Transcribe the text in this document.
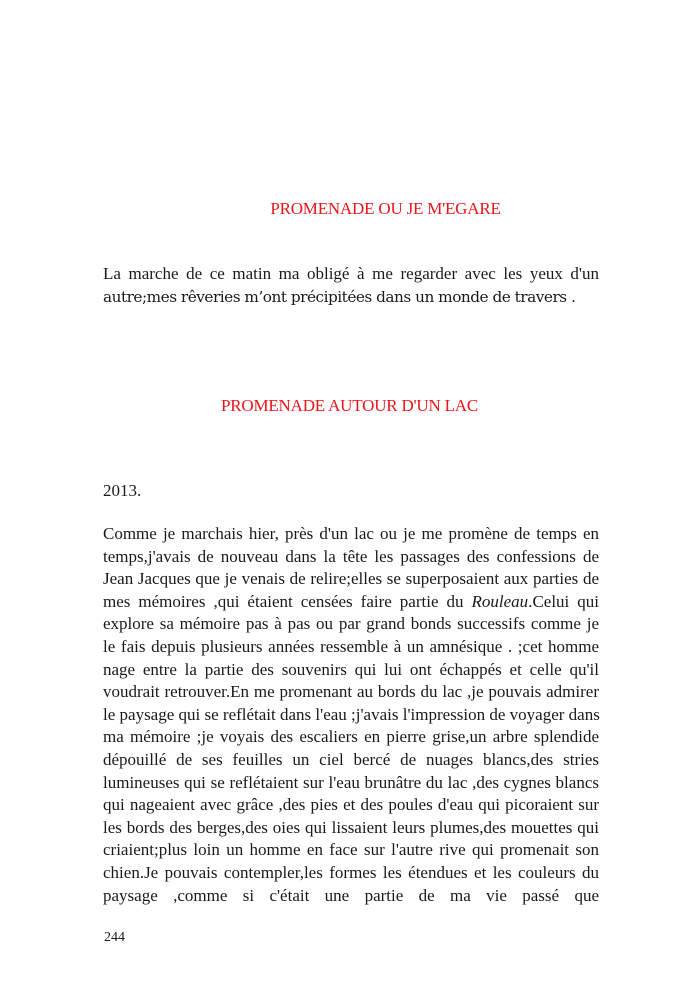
PROMENADE OU JE M'EGARE
La marche de ce matin ma obligé à me regarder avec les yeux d'un
autre;mes rêveries m’ont précipitées dans un monde de travers .
PROMENADE AUTOUR D'UN LAC
2013.
Comme je marchais hier, près d'un lac ou je me promène de temps en
temps,j'avais de nouveau dans la tête les passages des confessions de
Jean Jacques que je venais de relire;elles se superposaient aux parties de
mes mémoires ,qui étaient censées faire partie du Rouleau.Celui qui
explore sa mémoire pas à pas ou par grand bonds successifs comme je
le fais depuis plusieurs années ressemble à un amnésique . ;cet homme
nage entre la partie des souvenirs qui lui ont échappés et celle qu'il
voudrait retrouver.En me promenant au bords du lac ,je pouvais admirer
le paysage qui se reflétait dans l'eau ;j'avais l'impression de voyager dans
ma mémoire ;je voyais des escaliers en pierre grise,un arbre splendide
dépouillé de ses feuilles un ciel bercé de nuages blancs,des stries
lumineuses qui se reflétaient sur l'eau brunâtre du lac ,des cygnes blancs
qui nageaient avec grâce ,des pies et des poules d'eau qui picoraient sur
les bords des berges,des oies qui lissaient leurs plumes,des mouettes qui
criaient;plus loin un homme en face sur l'autre rive qui promenait son
chien.Je pouvais contempler,les formes les étendues et les couleurs du
paysage ,comme si c'était une partie de ma vie passé que
244
